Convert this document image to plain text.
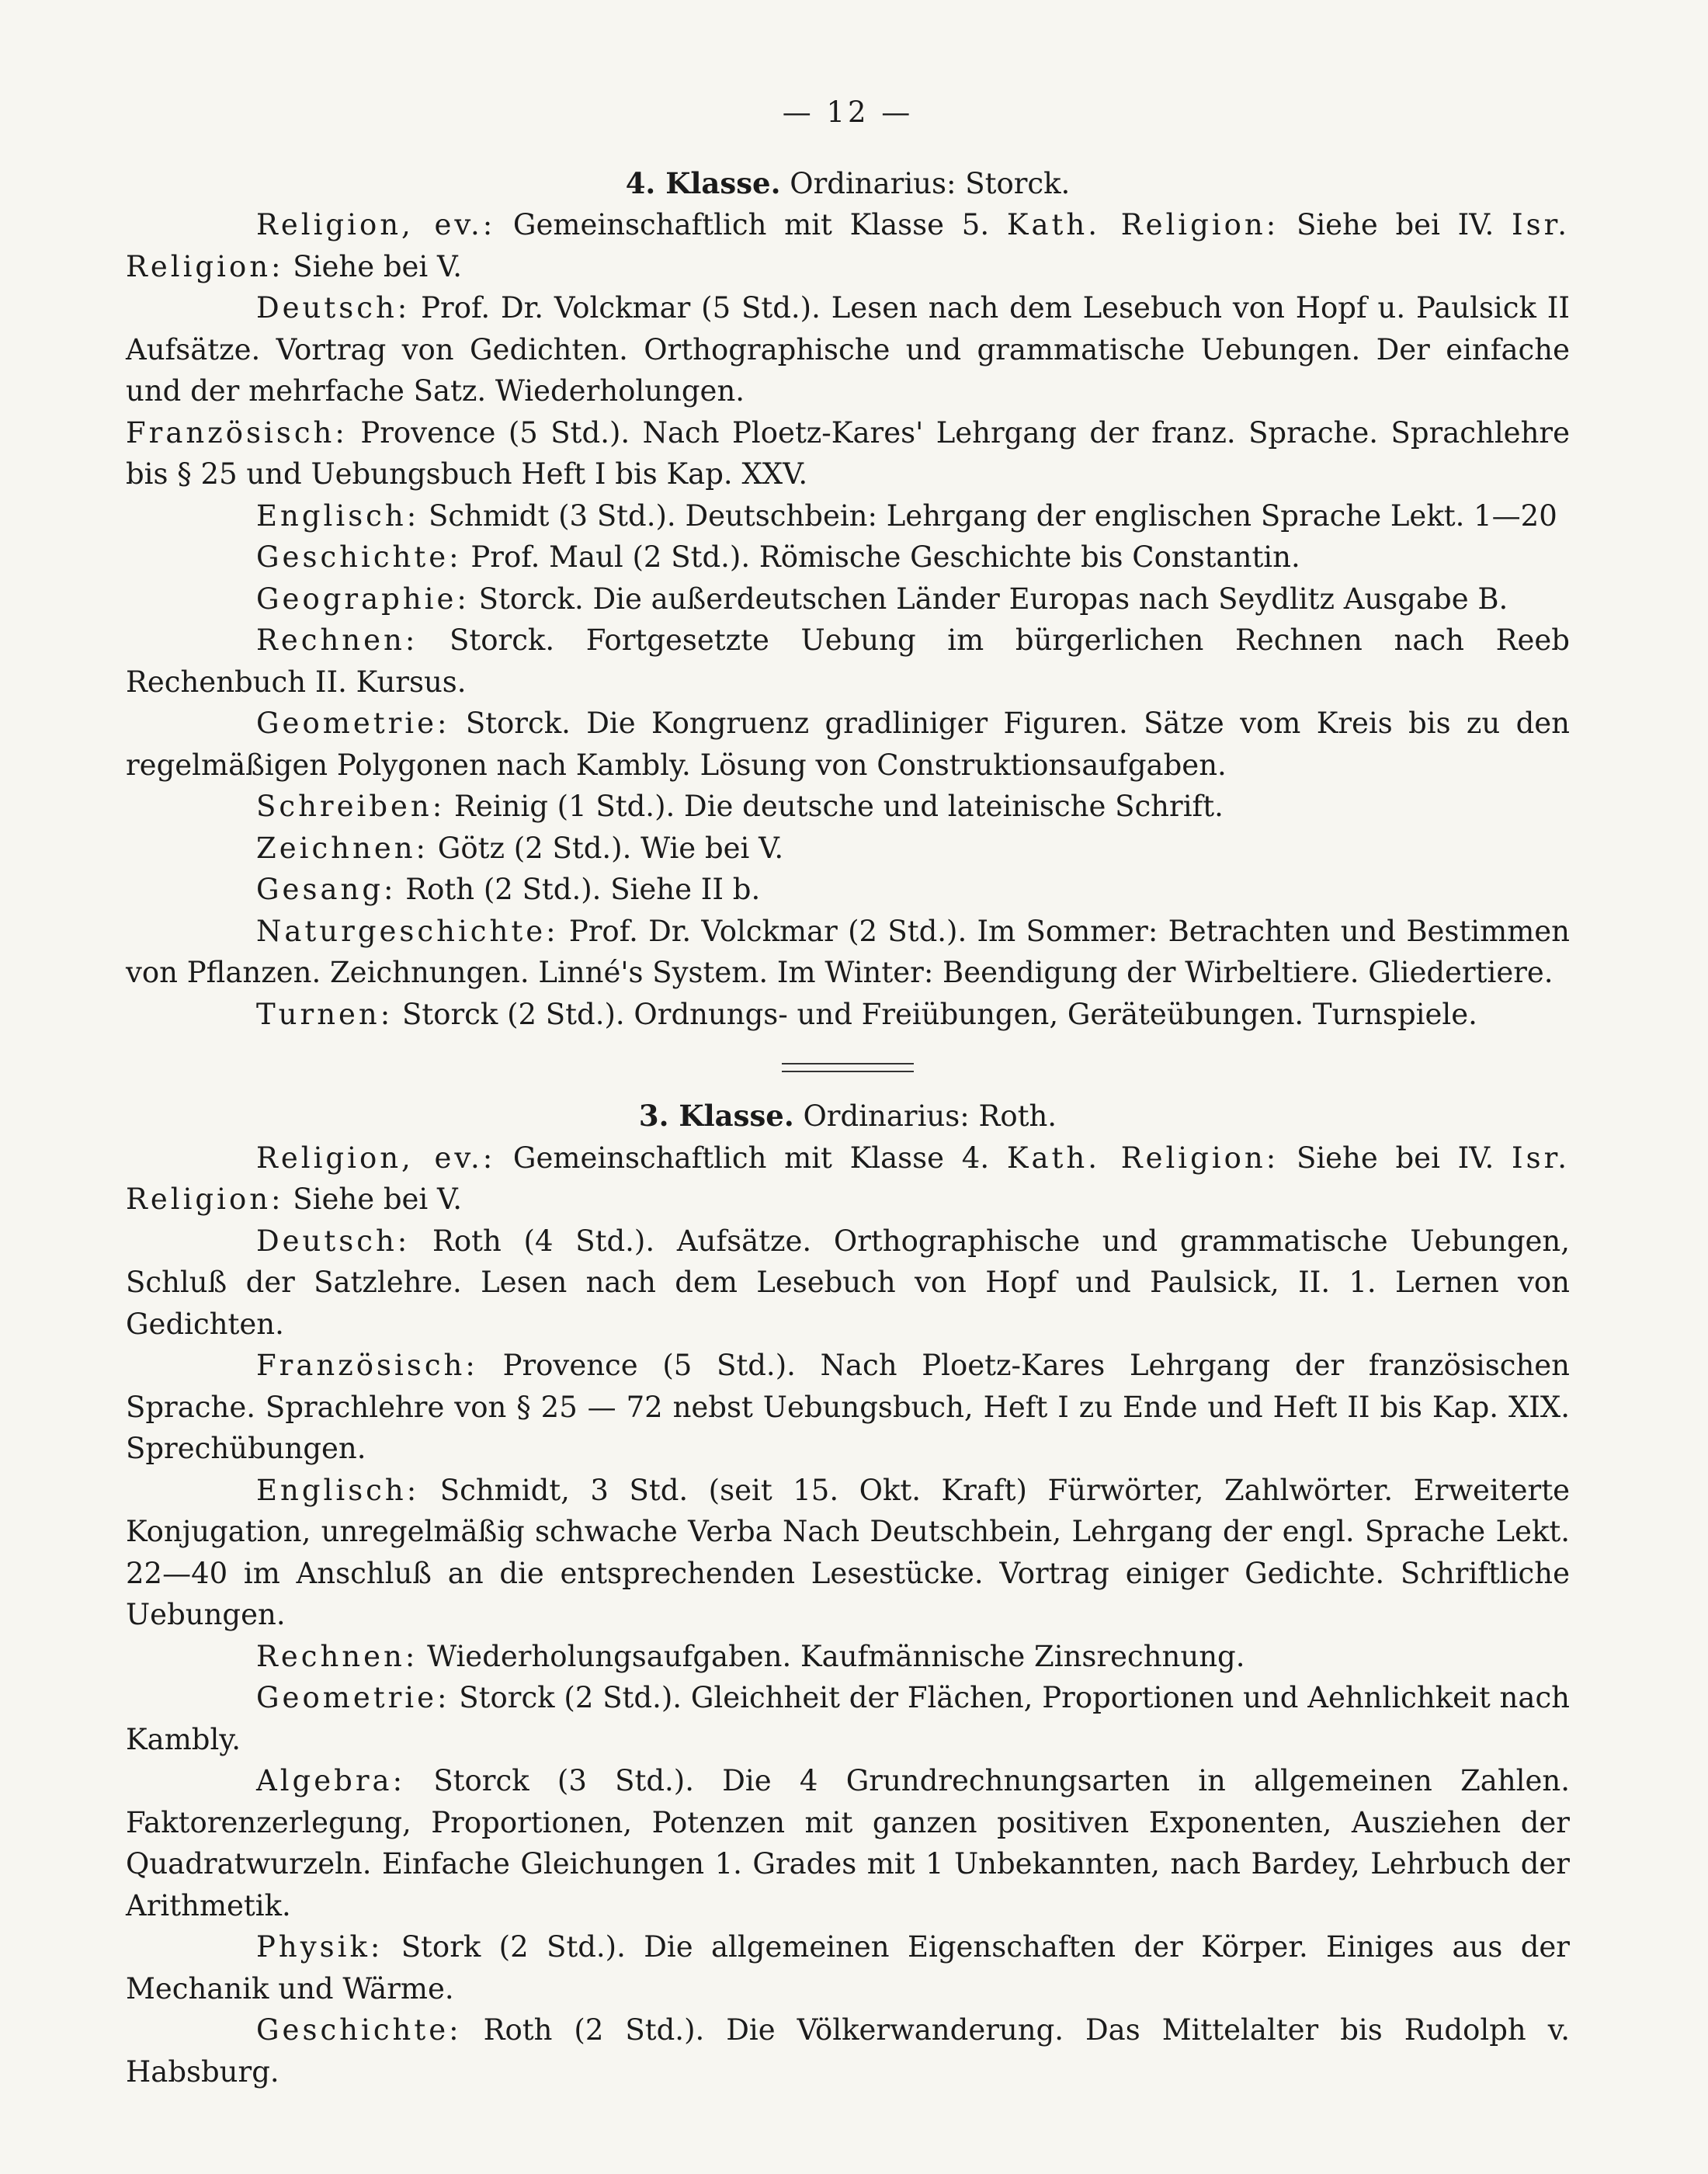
— 12 —

4. Klasse. Ordinarius: Storck.

Religion, ev.: Gemeinschaftlich mit Klasse 5. Kath. Religion: Siehe bei IV. Isr. Religion: Siehe bei V.

Deutsch: Prof. Dr. Volckmar (5 Std.). Lesen nach dem Lesebuch von Hopf u. Paulsick II Aufsätze. Vortrag von Gedichten. Orthographische und grammatische Uebungen. Der einfache und der mehrfache Satz. Wiederholungen.

Französisch: Provence (5 Std.). Nach Ploetz-Kares' Lehrgang der franz. Sprache. Sprachlehre bis § 25 und Uebungsbuch Heft I bis Kap. XXV.

Englisch: Schmidt (3 Std.). Deutschbein: Lehrgang der englischen Sprache Lekt. 1—20

Geschichte: Prof. Maul (2 Std.). Römische Geschichte bis Constantin.

Geographie: Storck. Die außerdeutschen Länder Europas nach Seydlitz Ausgabe B.

Rechnen: Storck. Fortgesetzte Uebung im bürgerlichen Rechnen nach Reeb Rechenbuch II. Kursus.

Geometrie: Storck. Die Kongruenz gradliniger Figuren. Sätze vom Kreis bis zu den regelmäßigen Polygonen nach Kambly. Lösung von Construktionsaufgaben.

Schreiben: Reinig (1 Std.). Die deutsche und lateinische Schrift.

Zeichnen: Götz (2 Std.). Wie bei V.

Gesang: Roth (2 Std.). Siehe II b.

Naturgeschichte: Prof. Dr. Volckmar (2 Std.). Im Sommer: Betrachten und Bestimmen von Pflanzen. Zeichnungen. Linné's System. Im Winter: Beendigung der Wirbeltiere. Gliedertiere.

Turnen: Storck (2 Std.). Ordnungs- und Freiübungen, Geräteübungen. Turnspiele.

3. Klasse. Ordinarius: Roth.

Religion, ev.: Gemeinschaftlich mit Klasse 4. Kath. Religion: Siehe bei IV. Isr. Religion: Siehe bei V.

Deutsch: Roth (4 Std.). Aufsätze. Orthographische und grammatische Uebungen, Schluß der Satzlehre. Lesen nach dem Lesebuch von Hopf und Paulsick, II. 1. Lernen von Gedichten.

Französisch: Provence (5 Std.). Nach Ploetz-Kares Lehrgang der französischen Sprache. Sprachlehre von § 25 — 72 nebst Uebungsbuch, Heft I zu Ende und Heft II bis Kap. XIX. Sprechübungen.

Englisch: Schmidt, 3 Std. (seit 15. Okt. Kraft) Fürwörter, Zahlwörter. Erweiterte Konjugation, unregelmäßig schwache Verba Nach Deutschbein, Lehrgang der engl. Sprache Lekt. 22—40 im Anschluß an die entsprechenden Lesestücke. Vortrag einiger Gedichte. Schriftliche Uebungen.

Rechnen: Wiederholungsaufgaben. Kaufmännische Zinsrechnung.

Geometrie: Storck (2 Std.). Gleichheit der Flächen, Proportionen und Aehnlichkeit nach Kambly.

Algebra: Storck (3 Std.). Die 4 Grundrechnungsarten in allgemeinen Zahlen. Faktorenzerlegung, Proportionen, Potenzen mit ganzen positiven Exponenten, Ausziehen der Quadratwurzeln. Einfache Gleichungen 1. Grades mit 1 Unbekannten, nach Bardey, Lehrbuch der Arithmetik.

Physik: Stork (2 Std.). Die allgemeinen Eigenschaften der Körper. Einiges aus der Mechanik und Wärme.

Geschichte: Roth (2 Std.). Die Völkerwanderung. Das Mittelalter bis Rudolph v. Habsburg.
